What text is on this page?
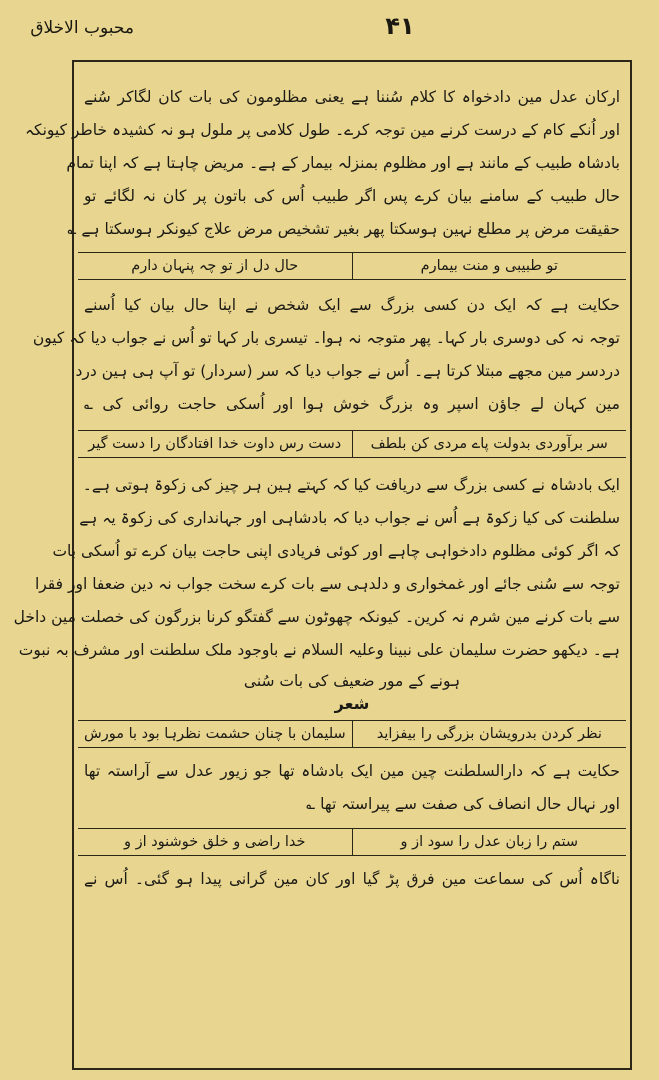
۴۱
محبوب الاخلاق
ارکان عدل مین دادخواہ کا کلام سُننا ہے یعنی مظلومون کی بات کان لگاکر سُنے
اور اُنکے کام کے درست کرنے مین توجہ کرے۔ طول کلامی پر ملول ہو نہ کشیدہ خاطر کیونکہ
بادشاہ طبیب کے مانند ہے اور مظلوم بمنزلہ بیمار کے ہے۔ مریض چاہتا ہے کہ اپنا تمام
حال طبیب کے سامنے بیان کرے پس اگر طبیب اُس کی باتون پر کان نہ لگائے تو
حقیقت مرض پر مطلع نہین ہوسکتا پھر بغیر تشخیص مرض علاج کیونکر ہوسکتا ہے ؎
تو طبیبی و منت بیمارم
حال دل از تو چہ پنہان دارم
حکایت ہے کہ ایک دن کسی بزرگ سے ایک شخص نے اپنا حال بیان کیا اُسنے
توجہ نہ کی دوسری بار کہا۔ پھر متوجہ نہ ہوا۔ تیسری بار کہا تو اُس نے جواب دیا کہ کیون
دردسر مین مجھے مبتلا کرتا ہے۔ اُس نے جواب دیا کہ سر (سردار) تو آپ ہی ہین درد
مین کہان لے جاؤن اسپر وہ بزرگ خوش ہوا اور اُسکی حاجت روائی کی ؎
سر برآوردی بدولت پاے مردی کن بلطف
دست رس داوت خدا افتادگان را دست گیر
ایک بادشاہ نے کسی بزرگ سے دریافت کیا کہ کہتے ہین ہر چیز کی زکوۃ ہوتی ہے۔
سلطنت کی کیا زکوۃ ہے اُس نے جواب دیا کہ بادشاہی اور جہانداری کی زکوۃ یہ ہے
کہ اگر کوئی مظلوم دادخواہی چاہے اور کوئی فریادی اپنی حاجت بیان کرے تو اُسکی بات
توجہ سے سُنی جائے اور غمخواری و دلدہی سے بات کرے سخت جواب نہ دین ضعفا اور فقرا
سے بات کرنے مین شرم نہ کرین۔ کیونکہ چھوٹون سے گفتگو کرنا بزرگون کی خصلت مین داخل
ہے۔ دیکھو حضرت سلیمان علی نبینا وعلیہ السلام نے باوجود ملک سلطنت اور مشرف بہ نبوت
ہونے کے مور ضعیف کی بات سُنی
شعر
نظر کردن بدرویشان بزرگی را بیفزاید
سلیمان با چنان حشمت نظرہا بود با مورش
حکایت ہے کہ دارالسلطنت چین مین ایک بادشاہ تھا جو زیور عدل سے آراستہ تھا
اور نہال حال انصاف کی صفت سے پیراستہ تھا ؎
ستم را زبان عدل را سود از و
خدا راضی و خلق خوشنود از و
ناگاہ اُس کی سماعت مین فرق پڑ گیا اور کان مین گرانی پیدا ہو گئی۔ اُس نے
